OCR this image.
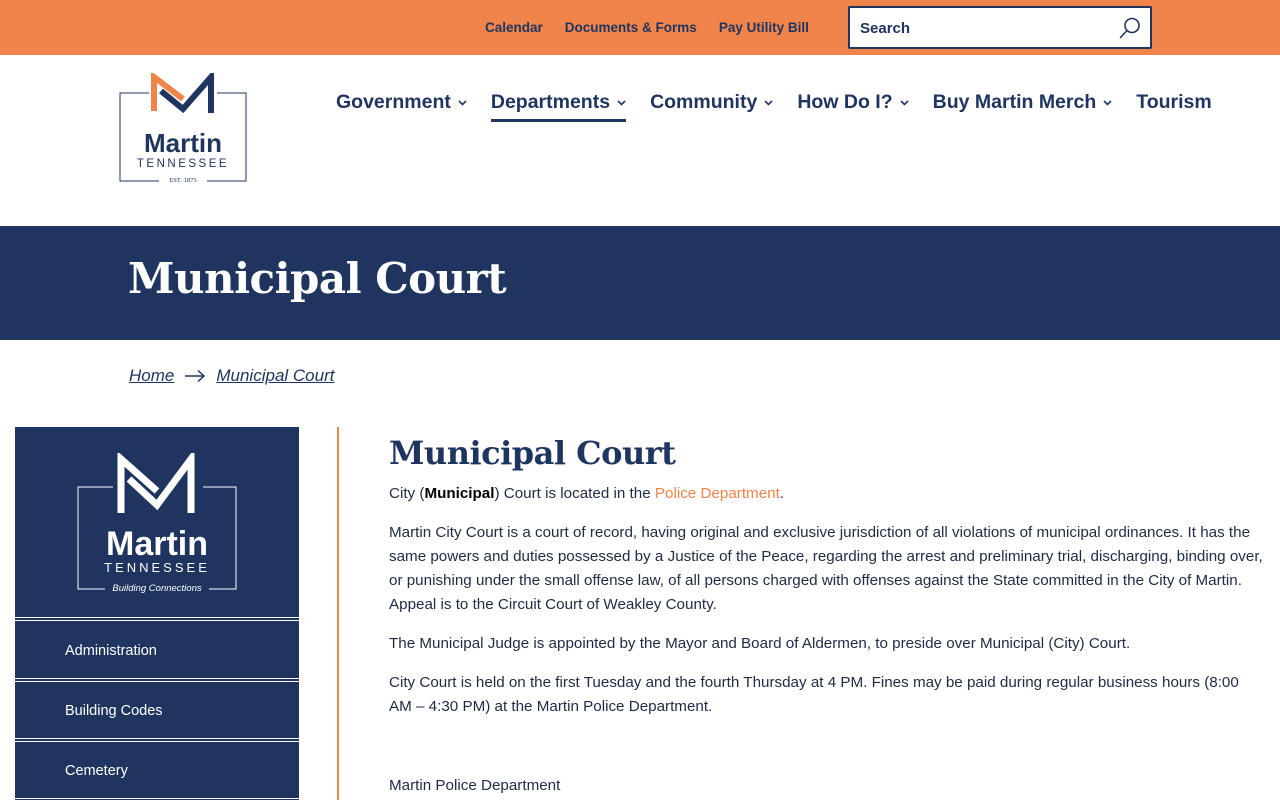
Calendar Documents & Forms Pay Utility Bill
Search
Martin
TENNESSEE
EST. 1873
Government Departments Community How Do I? Buy Martin Merch Tourism
Municipal Court
Home Municipal Court
Martin
TENNESSEE
Building Connections
Administration
Building Codes
Cemetery
Municipal Court

City (Municipal) Court is located in the Police Department.

Martin City Court is a court of record, having original and exclusive jurisdiction of all violations of municipal ordinances. It has the same powers and duties possessed by a Justice of the Peace, regarding the arrest and preliminary trial, discharging, binding over, or punishing under the small offense law, of all persons charged with offenses against the State committed in the City of Martin. Appeal is to the Circuit Court of Weakley County.

The Municipal Judge is appointed by the Mayor and Board of Aldermen, to preside over Municipal (City) Court.

City Court is held on the first Tuesday and the fourth Thursday at 4 PM. Fines may be paid during regular business hours (8:00 AM – 4:30 PM) at the Martin Police Department.

Martin Police Department
